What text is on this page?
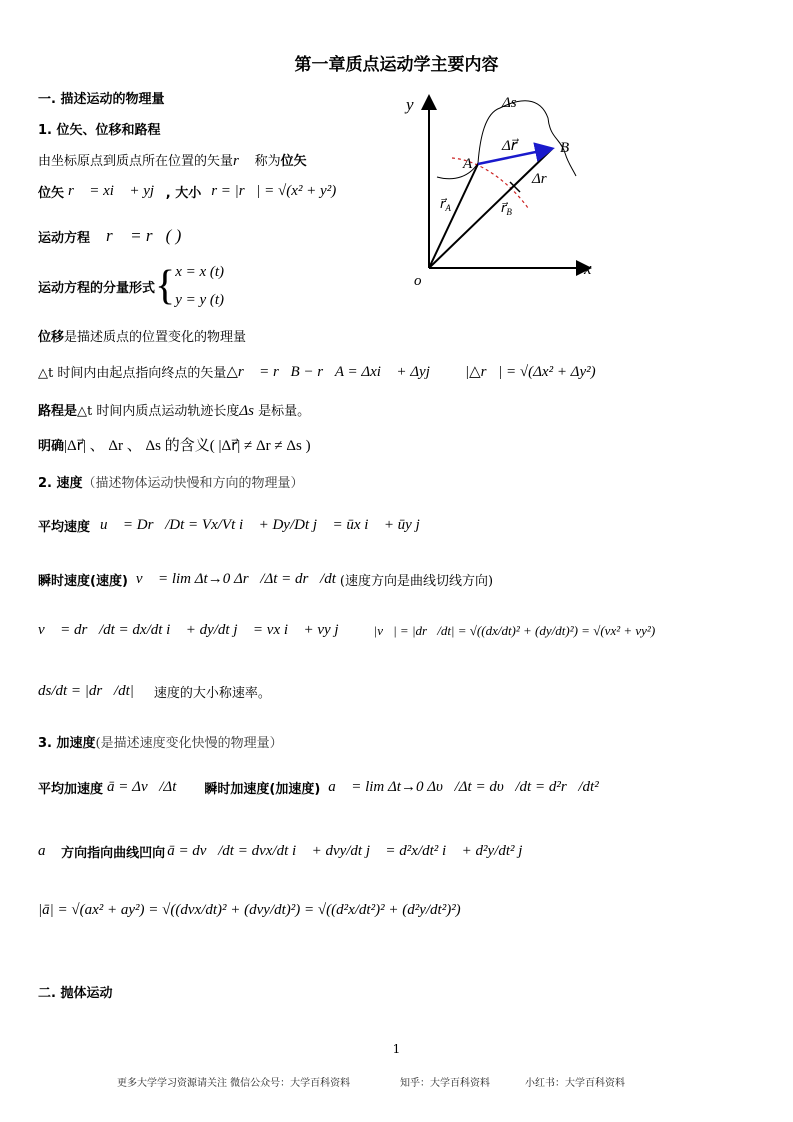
第一章质点运动学主要内容
一. 描述运动的物理量
1. 位矢、位移和路程
由坐标原点到质点所在位置的矢量r⃗ 称为位矢
位矢 r⃗ = xi⃗ + yj⃗ , 大小 r = |r⃗| = √(x² + y²)
运动方程 r⃗ = r⃗( )
运动方程的分量形式 { x = x (t)
y = y (t)
位移是描述质点的位置变化的物理量
△t 时间内由起点指向终点的矢量 △r⃗ = r⃗B − r⃗A = Δxi⃗ + Δyj⃗ ， |△r⃗| = √(Δx² + Δy²)
路程是△t 时间内质点运动轨迹长度Δs 是标量。
明确|Δr⃗| 、 Δr 、 Δs 的含义( |Δr⃗| ≠ Δr ≠ Δs )
2. 速度（描述物体运动快慢和方向的物理量）
平均速度 u⃗ = Dr⃗/Dt = Vx/Vt i⃗ + Dy/Dt j⃗ = ūx i⃗ + ūy j⃗
瞬时速度(速度) v⃗ = lim Δt→0 Δr⃗/Δt = dr⃗/dt (速度方向是曲线切线方向)
v⃗ = dr⃗/dt = dx/dt i⃗ + dy/dt j⃗ = vx i⃗ + vy j⃗ ， |v⃗| = |dr⃗/dt| = √((dx/dt)² + (dy/dt)²) = √(vx² + vy²)
ds/dt = |dr⃗/dt| 速度的大小称速率。
3. 加速度(是描述速度变化快慢的物理量）
平均加速度 ā = Δv⃗/Δt 瞬时加速度(加速度) a⃗ = lim Δt→0 Δυ⃗/Δt = dυ⃗/dt = d²r⃗/dt²
a⃗ 方向指向曲线凹向 ā = dv⃗/dt = dvx/dt i⃗ + dvy/dt j⃗ = d²x/dt² i⃗ + d²y/dt² j⃗
|ā| = √(ax² + ay²) = √((dvx/dt)² + (dvy/dt)²) = √((d²x/dt²)² + (d²y/dt²)²)
二. 抛体运动
y
x
o
Δs
Δr⃗
Δr
A
B
$r⃗_A$	$r⃗_B$
1
更多大学学习资源请关注 微信公众号：大学百科资料	知乎：大学百科资料	小红书：大学百科资料
